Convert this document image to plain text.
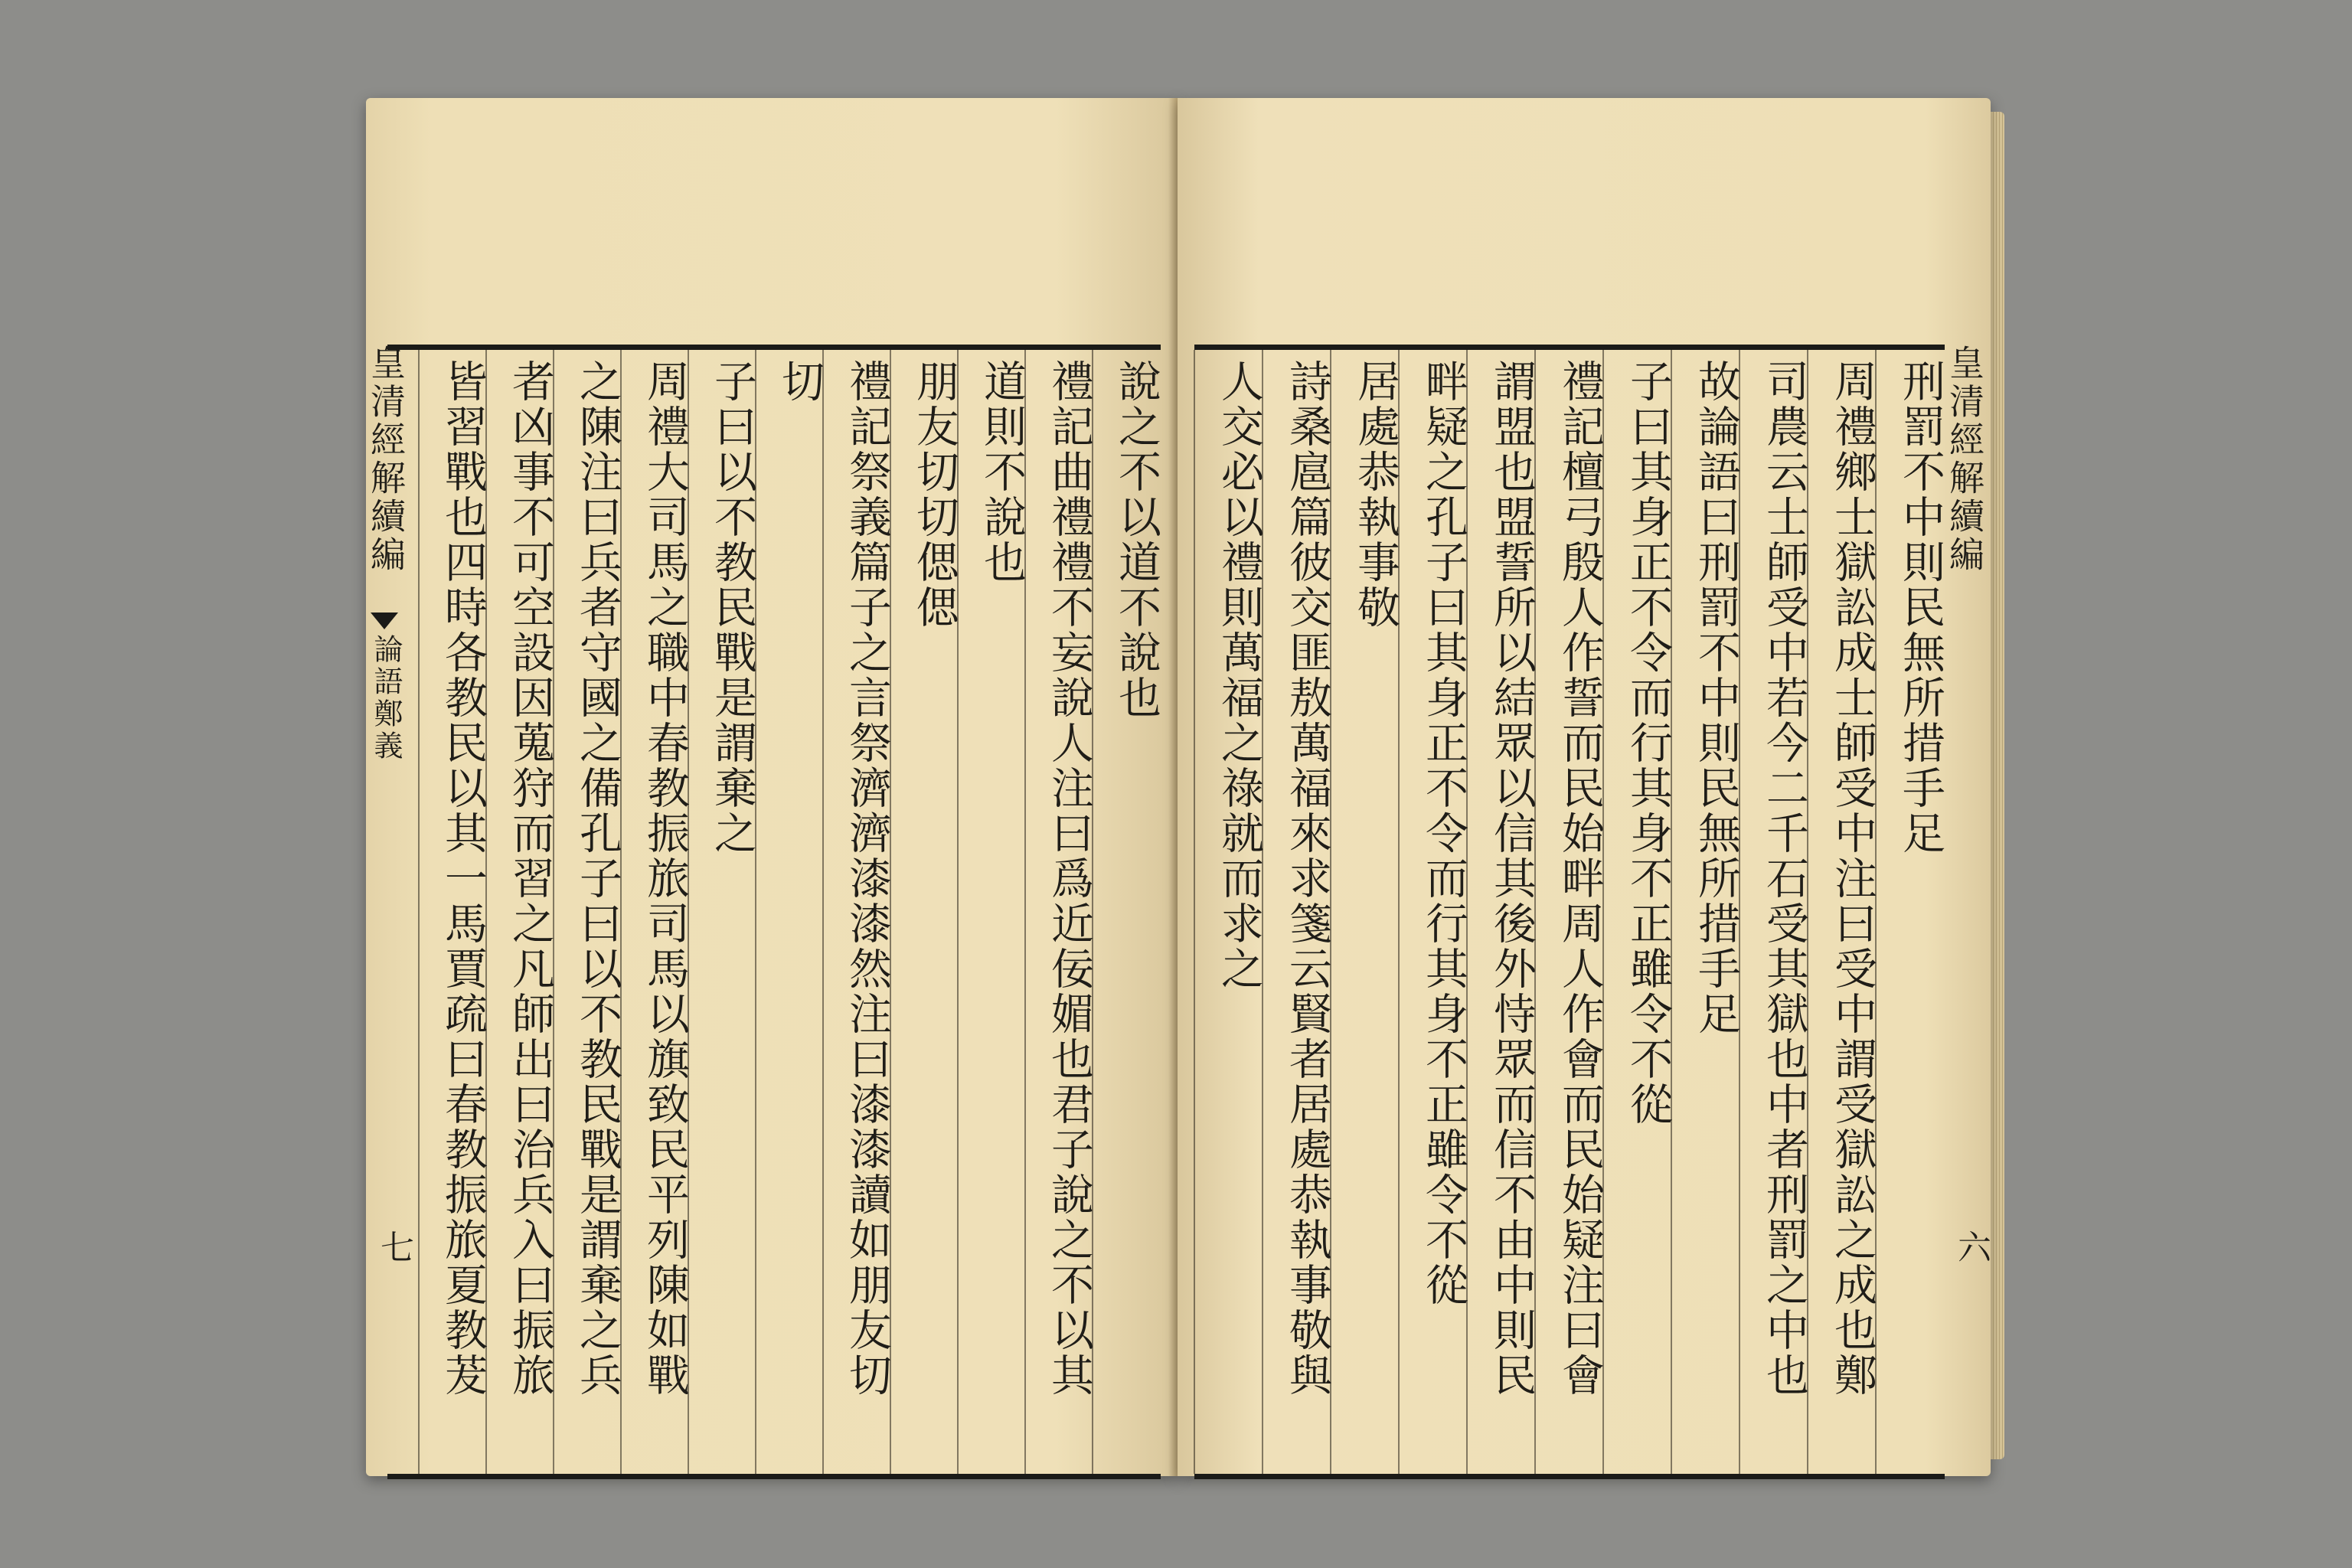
說之不以道不說也
禮記曲禮禮不妄說人注曰爲近佞媚也君子說之不以其
道則不說也
朋友切切偲偲
禮記祭義篇子之言祭濟濟漆漆然注曰漆漆讀如朋友切
切
子曰以不教民戰是謂棄之
周禮大司馬之職中春教振旅司馬以旗致民平列陳如戰
之陳注曰兵者守國之備孔子曰以不教民戰是謂棄之兵
者凶事不可空設因蒐狩而習之凡師出曰治兵入曰振旅
皆習戰也四時各教民以其一馬賈疏曰春教振旅夏教茇
皇清經解續編
論語鄭義
七
刑罰不中則民無所措手足
周禮鄉士獄訟成士師受中注曰受中謂受獄訟之成也鄭
司農云士師受中若今二千石受其獄也中者刑罰之中也
故論語曰刑罰不中則民無所措手足
子曰其身正不令而行其身不正雖令不從
禮記檀弓殷人作誓而民始畔周人作會而民始疑注曰會
謂盟也盟誓所以結眾以信其後外恃眾而信不由中則民
畔疑之孔子曰其身正不令而行其身不正雖令不從
居處恭執事敬
詩桑扈篇彼交匪敖萬福來求箋云賢者居處恭執事敬與
人交必以禮則萬福之祿就而求之	皇清經解續編
六
